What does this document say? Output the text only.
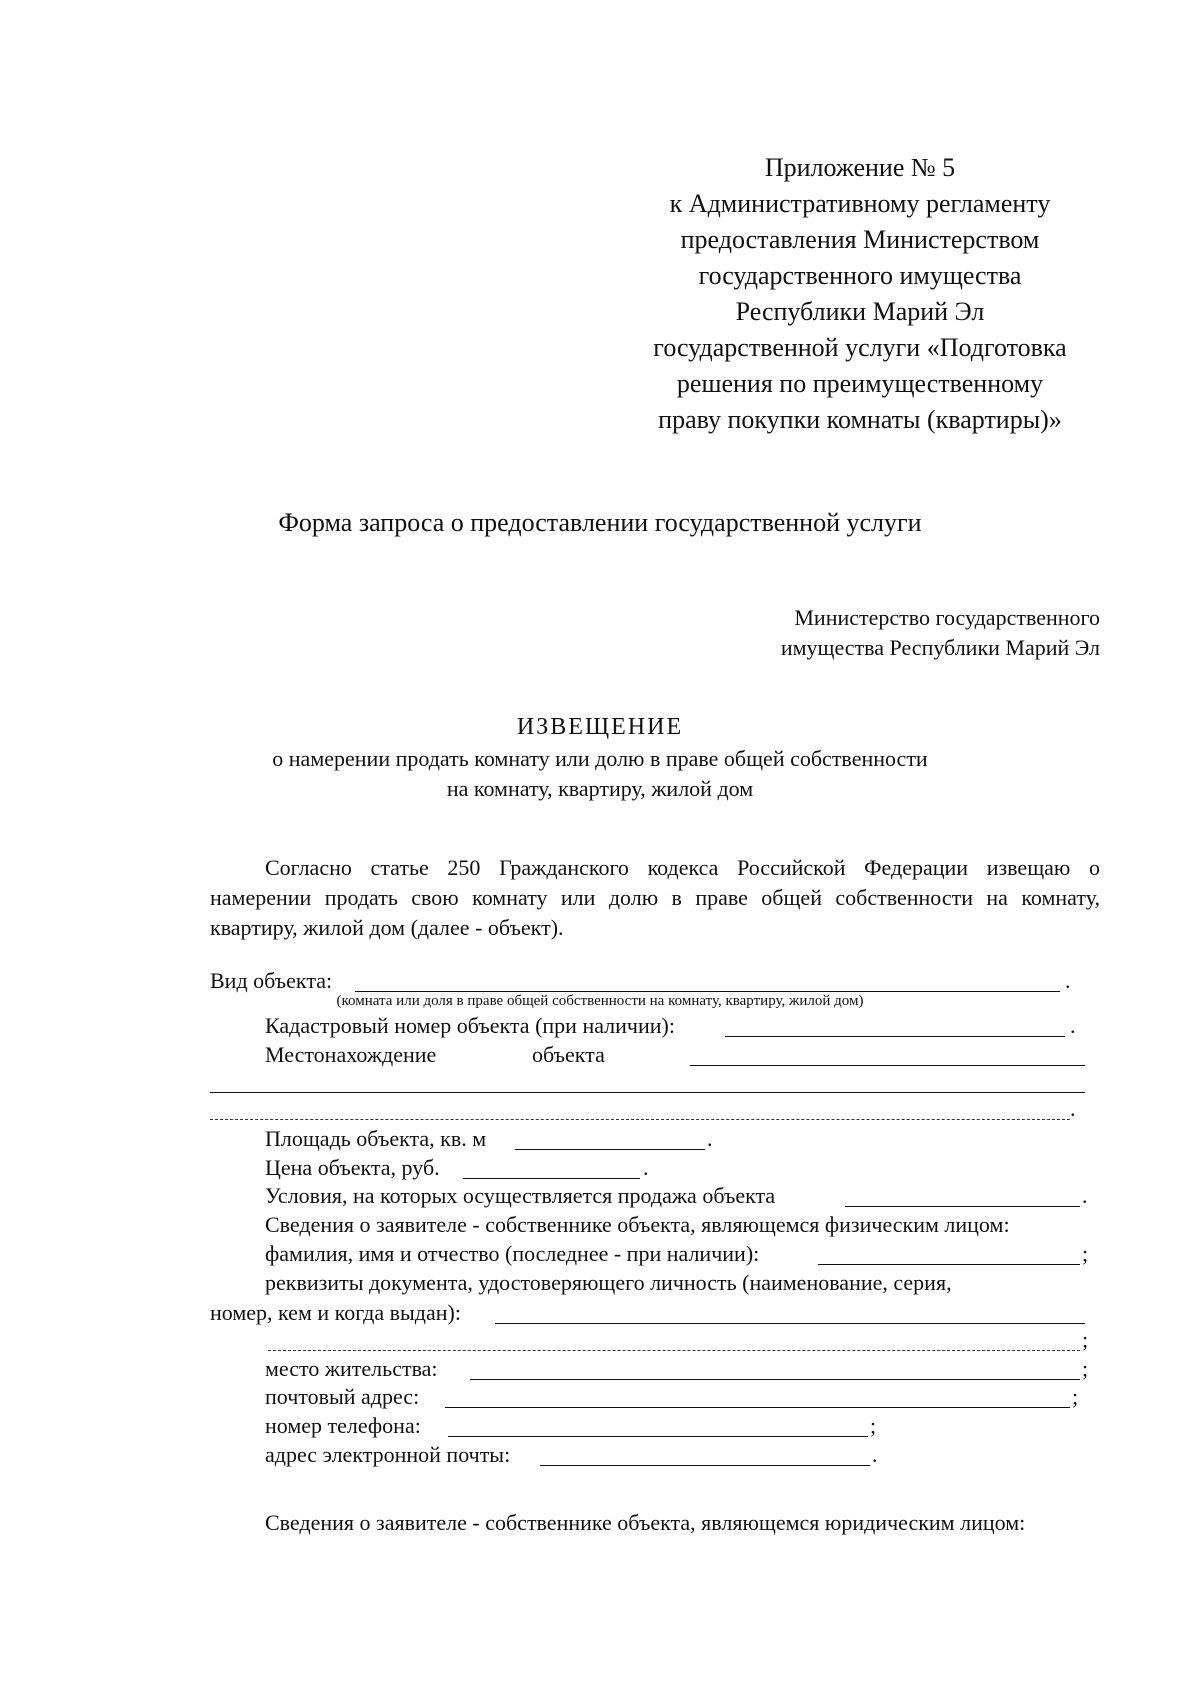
Приложение № 5
к Административному регламенту
предоставления Министерством
государственного имущества
Республики Марий Эл
государственной услуги «Подготовка
решения по преимущественному
праву покупки комнаты (квартиры)»
Форма запроса о предоставлении государственной услуги
Министерство государственного
имущества Республики Марий Эл
ИЗВЕЩЕНИЕ
о намерении продать комнату или долю в праве общей собственности
на комнату, квартиру, жилой дом
Согласно статье 250 Гражданского кодекса Российской Федерации извещаю о намерении продать свою комнату или долю в праве общей собственности на комнату, квартиру, жилой дом (далее - объект).
Вид объекта:	.
(комната или доля в праве общей собственности на комнату, квартиру, жилой дом)
Кадастровый номер объекта (при наличии):	.
Местонахождение	объекта
.
Площадь объекта, кв. м	.
Цена объекта, руб.	.
Условия, на которых осуществляется продажа объекта	.
Сведения о заявителе - собственнике объекта, являющемся физическим лицом:
фамилия, имя и отчество (последнее - при наличии):	;
реквизиты документа, удостоверяющего личность (наименование, серия,
номер, кем и когда выдан):
;
место жительства:	;
почтовый адрес:	;
номер телефона:	;
адрес электронной почты:	.
Сведения о заявителе - собственнике объекта, являющемся юридическим лицом:
